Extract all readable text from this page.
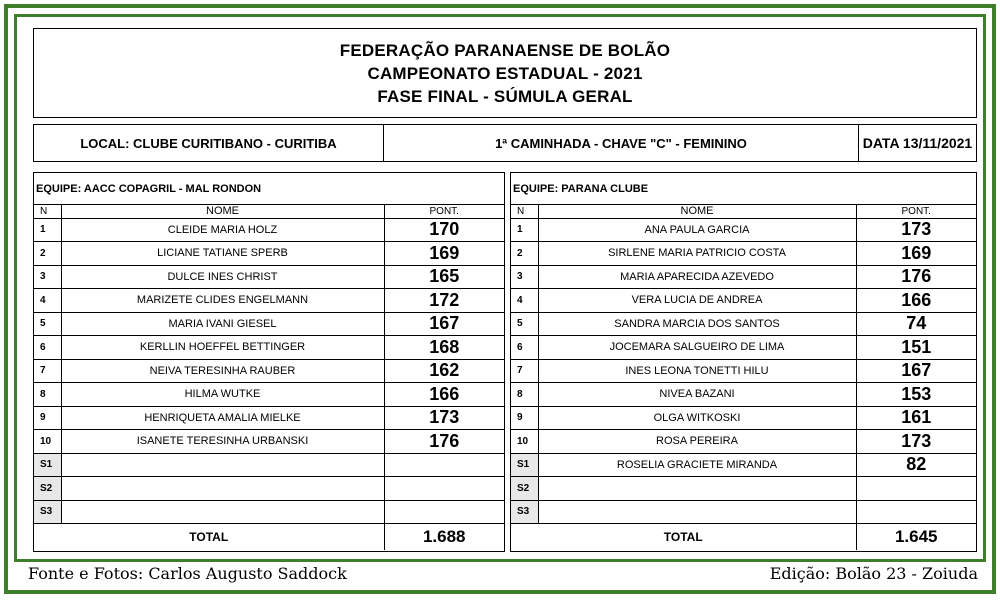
FEDERAÇÃO PARANAENSE DE BOLÃO
CAMPEONATO ESTADUAL - 2021
FASE FINAL - SÚMULA GERAL
LOCAL: CLUBE CURITIBANO - CURITIBA	1ª CAMINHADA - CHAVE "C" - FEMININO	DATA 13/11/2021
EQUIPE: AACC COPAGRIL - MAL RONDON
N	NOME	PONT.
1	CLEIDE MARIA HOLZ	170
2	LICIANE TATIANE SPERB	169
3	DULCE INES CHRIST	165
4	MARIZETE CLIDES ENGELMANN	172
5	MARIA IVANI GIESEL	167
6	KERLLIN HOEFFEL BETTINGER	168
7	NEIVA TERESINHA RAUBER	162
8	HILMA WUTKE	166
9	HENRIQUETA AMALIA MIELKE	173
10	ISANETE TERESINHA URBANSKI	176
S1		
S2		
S3		
TOTAL		1.688
EQUIPE: PARANA CLUBE
N	NOME	PONT.
1	ANA PAULA GARCIA	173
2	SIRLENE MARIA PATRICIO COSTA	169
3	MARIA APARECIDA AZEVEDO	176
4	VERA LUCIA DE ANDREA	166
5	SANDRA MARCIA DOS SANTOS	74
6	JOCEMARA SALGUEIRO DE LIMA	151
7	INES LEONA TONETTI HILU	167
8	NIVEA BAZANI	153
9	OLGA WITKOSKI	161
10	ROSA PEREIRA	173
S1	ROSELIA GRACIETE MIRANDA	82
S2		
S3		
TOTAL		1.645
Fonte e Fotos: Carlos Augusto Saddock	Edição: Bolão 23 - Zoiuda
